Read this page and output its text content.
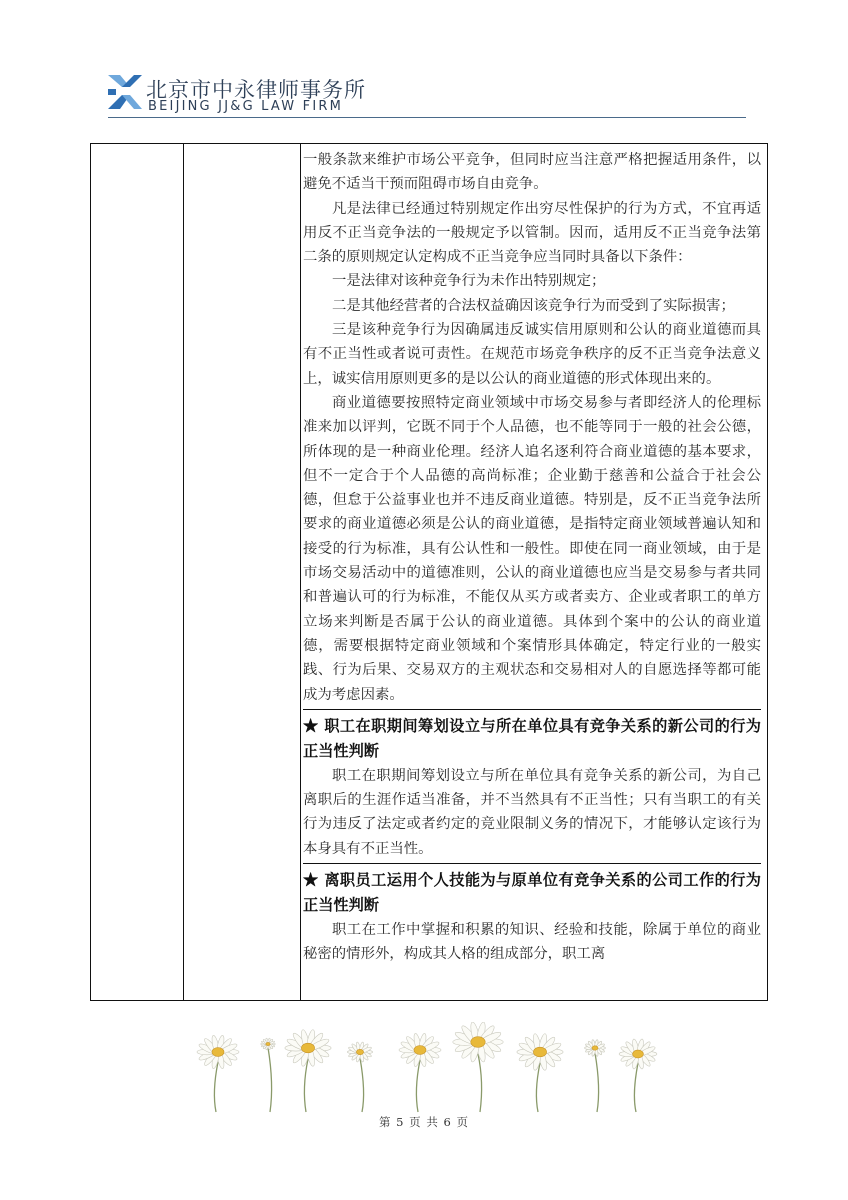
北京市中永律师事务所
BEIJING JJ&G LAW FIRM

一般条款来维护市场公平竞争，但同时应当注意严格把握适用条件，以避免不适当干预而阻碍市场自由竞争。

凡是法律已经通过特别规定作出穷尽性保护的行为方式，不宜再适用反不正当竞争法的一般规定予以管制。因而，适用反不正当竞争法第二条的原则规定认定构成不正当竞争应当同时具备以下条件：

一是法律对该种竞争行为未作出特别规定；

二是其他经营者的合法权益确因该竞争行为而受到了实际损害；

三是该种竞争行为因确属违反诚实信用原则和公认的商业道德而具有不正当性或者说可责性。在规范市场竞争秩序的反不正当竞争法意义上，诚实信用原则更多的是以公认的商业道德的形式体现出来的。

商业道德要按照特定商业领域中市场交易参与者即经济人的伦理标准来加以评判，它既不同于个人品德，也不能等同于一般的社会公德，所体现的是一种商业伦理。经济人追名逐利符合商业道德的基本要求，但不一定合于个人品德的高尚标准；企业勤于慈善和公益合于社会公德，但怠于公益事业也并不违反商业道德。特别是，反不正当竞争法所要求的商业道德必须是公认的商业道德，是指特定商业领域普遍认知和接受的行为标准，具有公认性和一般性。即使在同一商业领域，由于是市场交易活动中的道德准则，公认的商业道德也应当是交易参与者共同和普遍认可的行为标准，不能仅从买方或者卖方、企业或者职工的单方立场来判断是否属于公认的商业道德。具体到个案中的公认的商业道德，需要根据特定商业领域和个案情形具体确定，特定行业的一般实践、行为后果、交易双方的主观状态和交易相对人的自愿选择等都可能成为考虑因素。

★ 职工在职期间筹划设立与所在单位具有竞争关系的新公司的行为正当性判断

职工在职期间筹划设立与所在单位具有竞争关系的新公司，为自己离职后的生涯作适当准备，并不当然具有不正当性；只有当职工的有关行为违反了法定或者约定的竞业限制义务的情况下，才能够认定该行为本身具有不正当性。

★ 离职员工运用个人技能为与原单位有竞争关系的公司工作的行为正当性判断

职工在工作中掌握和积累的知识、经验和技能，除属于单位的商业秘密的情形外，构成其人格的组成部分，职工离

第 5 页 共 6 页
